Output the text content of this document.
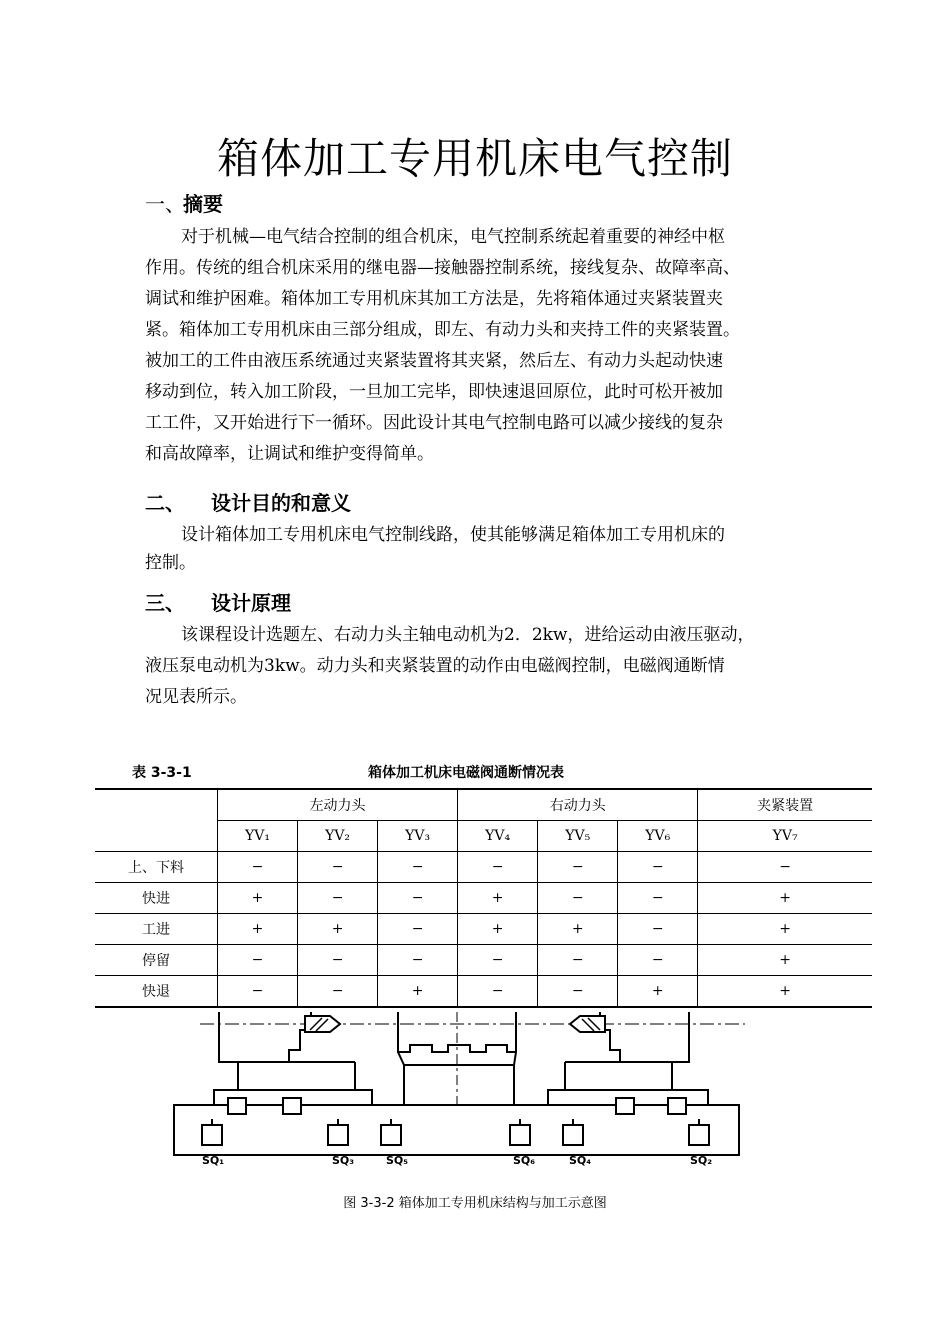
箱体加工专用机床电气控制
一、摘要
对于机械—电气结合控制的组合机床，电气控制系统起着重要的神经中枢
作用。传统的组合机床采用的继电器—接触器控制系统，接线复杂、故障率高、
调试和维护困难。箱体加工专用机床其加工方法是，先将箱体通过夹紧装置夹
紧。箱体加工专用机床由三部分组成，即左、有动力头和夹持工件的夹紧装置。
被加工的工件由液压系统通过夹紧装置将其夹紧，然后左、有动力头起动快速
移动到位，转入加工阶段，一旦加工完毕，即快速退回原位，此时可松开被加
工工件，又开始进行下一循环。因此设计其电气控制电路可以减少接线的复杂
和高故障率，让调试和维护变得简单。
二、 设计目的和意义
设计箱体加工专用机床电气控制线路，使其能够满足箱体加工专用机床的
控制。
三、 设计原理
该课程设计选题左、右动力头主轴电动机为2．2kw，进给运动由液压驱动，
液压泵电动机为3kw。动力头和夹紧装置的动作由电磁阀控制，电磁阀通断情
况见表所示。
表 3-3-1	箱体加工机床电磁阀通断情况表
	左动力头			右动力头			夹紧装置
	YV₁	YV₂	YV₃	YV₄	YV₅	YV₆	YV₇
上、下料	−	−	−	−	−	−	−
快进	+	−	−	+	−	−	+
工进	+	+	−	+	+	−	+
停留	−	−	−	−	−	−	+
快退	−	−	+	−	−	+	+
SQ₁	SQ₃	SQ₅	SQ₆	SQ₄	SQ₂
图 3-3-2 箱体加工专用机床结构与加工示意图
